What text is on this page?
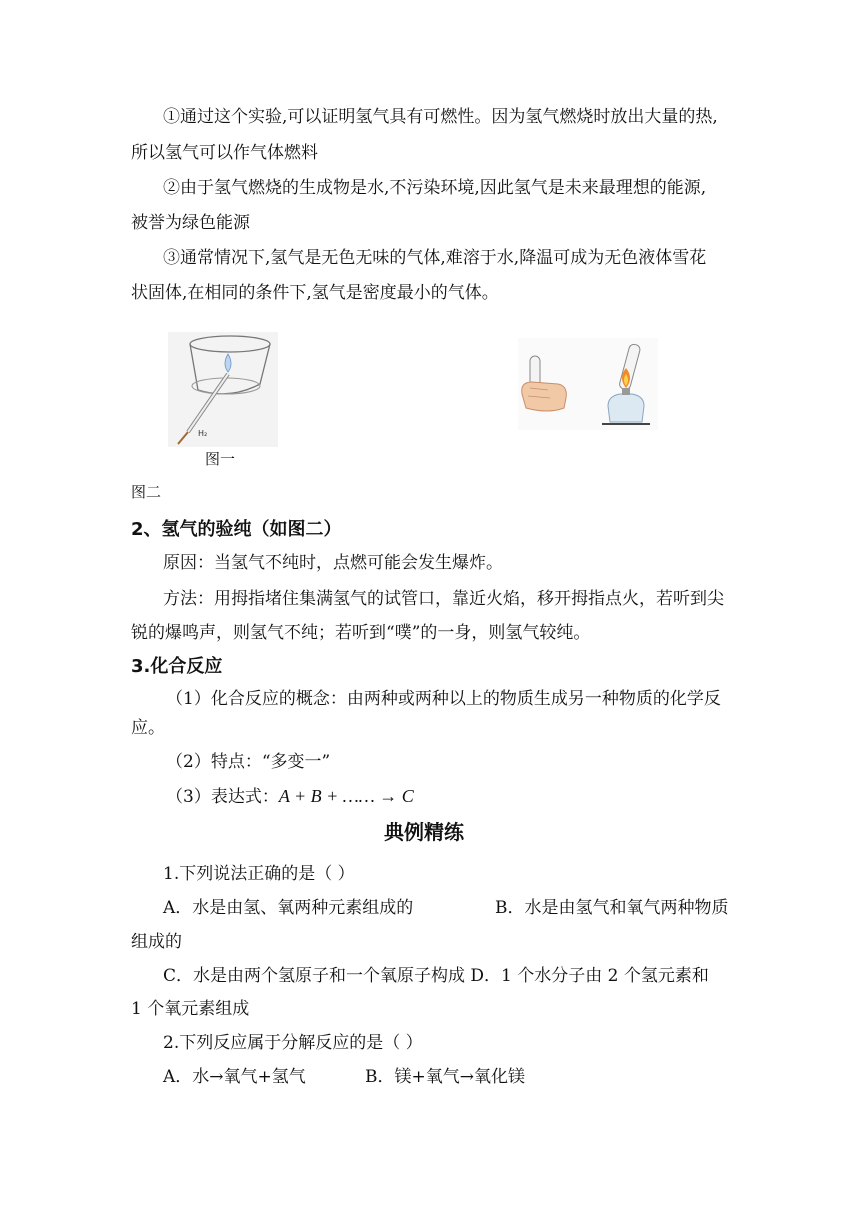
①通过这个实验,可以证明氢气具有可燃性。因为氢气燃烧时放出大量的热,
所以氢气可以作气体燃料
②由于氢气燃烧的生成物是水,不污染环境,因此氢气是未来最理想的能源,
被誉为绿色能源
③通常情况下,氢气是无色无味的气体,难溶于水,降温可成为无色液体雪花
状固体,在相同的条件下,氢气是密度最小的气体。
H₂
图一
图二
2、氢气的验纯（如图二）
原因：当氢气不纯时，点燃可能会发生爆炸。
方法：用拇指堵住集满氢气的试管口，靠近火焰，移开拇指点火，若听到尖
锐的爆鸣声，则氢气不纯；若听到“噗”的一身，则氢气较纯。
3.化合反应
（1）化合反应的概念：由两种或两种以上的物质生成另一种物质的化学反
应。
（2）特点：“多变一”
（3）表达式：A + B + …… → C
典例精练
1.下列说法正确的是（ ）
A．水是由氢、氧两种元素组成的	B．水是由氢气和氧气两种物质
组成的
C．水是由两个氢原子和一个氧原子构成 D．1 个水分子由 2 个氢元素和
1 个氧元素组成
2.下列反应属于分解反应的是（ ）
A．水→氧气+氢气	B．镁+氧气→氧化镁
